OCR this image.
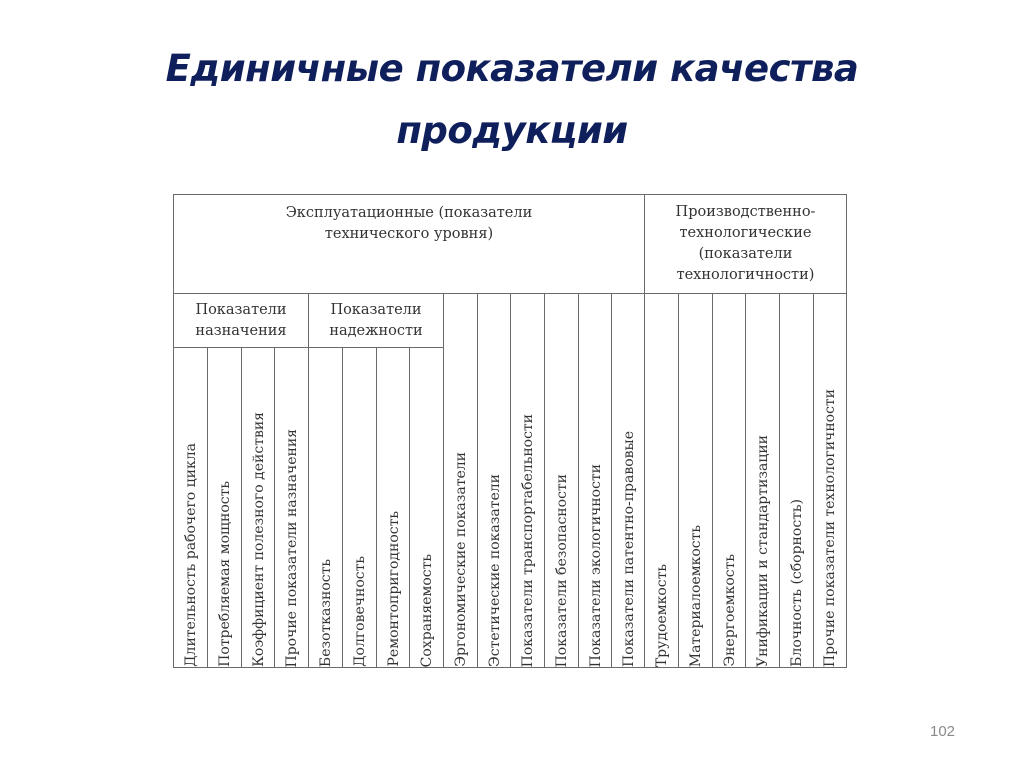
Единичные показатели качества
продукции
Эксплуатационные (показатели технического уровня)
Производственно-технологические (показатели технологичности)
Показатели назначения
Показатели надежности
Длительность рабочего цикла Потребляемая мощность Коэффициент полезного действия Прочие показатели назначения Безотказность Долговечность Ремонтопригодность Сохраняемость Эргономические показатели Эстетические показатели Показатели транспортабельности Показатели безопасности Показатели экологичности Показатели патентно-правовые Трудоемкость Материалоемкость Энергоемкость Унификации и стандартизации Блочность (сборность) Прочие показатели технологичности
102
